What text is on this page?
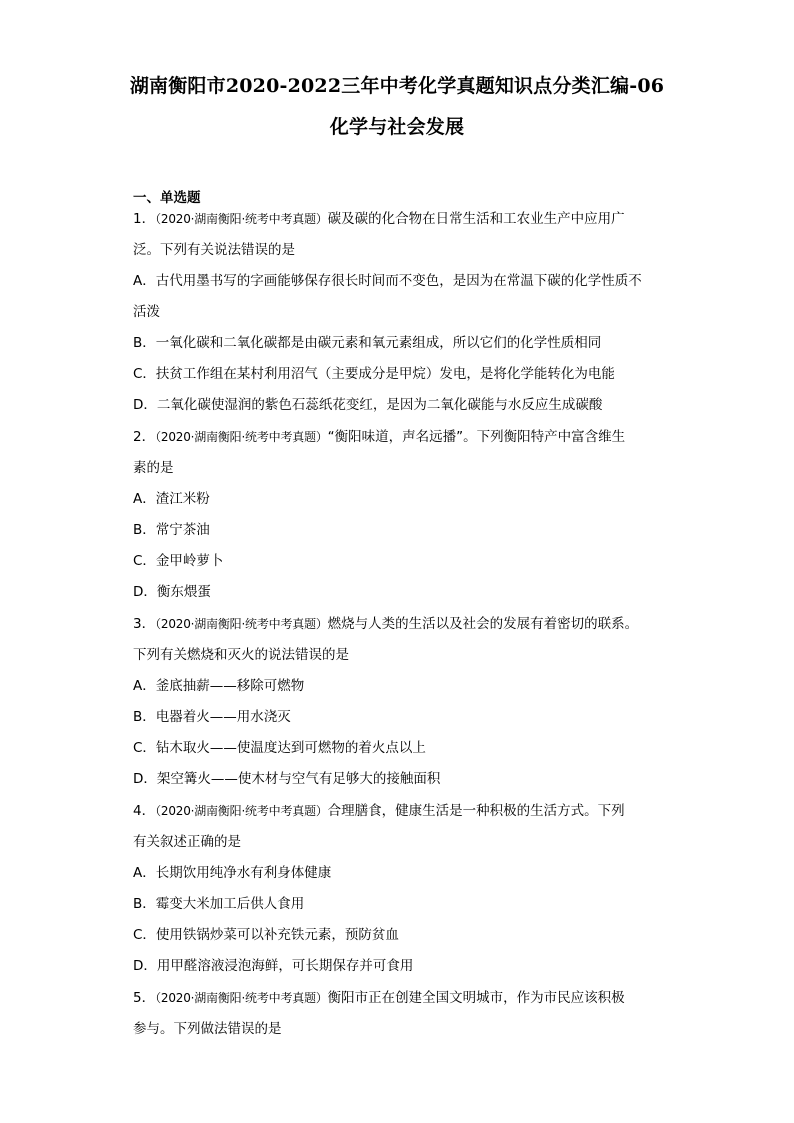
湖南衡阳市2020-2022三年中考化学真题知识点分类汇编-06
化学与社会发展
一、单选题
1．（2020·湖南衡阳·统考中考真题）碳及碳的化合物在日常生活和工农业生产中应用广
泛。下列有关说法错误的是
A．古代用墨书写的字画能够保存很长时间而不变色，是因为在常温下碳的化学性质不
活泼
B．一氧化碳和二氧化碳都是由碳元素和氧元素组成，所以它们的化学性质相同
C．扶贫工作组在某村利用沼气（主要成分是甲烷）发电，是将化学能转化为电能
D．二氧化碳使湿润的紫色石蕊纸花变红，是因为二氧化碳能与水反应生成碳酸
2．（2020·湖南衡阳·统考中考真题）“衡阳味道，声名远播”。下列衡阳特产中富含维生
素的是
A．渣江米粉
B．常宁茶油
C．金甲岭萝卜
D．衡东煨蛋
3．（2020·湖南衡阳·统考中考真题）燃烧与人类的生活以及社会的发展有着密切的联系。
下列有关燃烧和灭火的说法错误的是
A．釜底抽薪——移除可燃物
B．电器着火——用水浇灭
C．钻木取火——使温度达到可燃物的着火点以上
D．架空篝火——使木材与空气有足够大的接触面积
4．（2020·湖南衡阳·统考中考真题）合理膳食，健康生活是一种积极的生活方式。下列
有关叙述正确的是
A．长期饮用纯净水有利身体健康
B．霉变大米加工后供人食用
C．使用铁锅炒菜可以补充铁元素，预防贫血
D．用甲醛溶液浸泡海鲜，可长期保存并可食用
5．（2020·湖南衡阳·统考中考真题）衡阳市正在创建全国文明城市，作为市民应该积极
参与。下列做法错误的是
